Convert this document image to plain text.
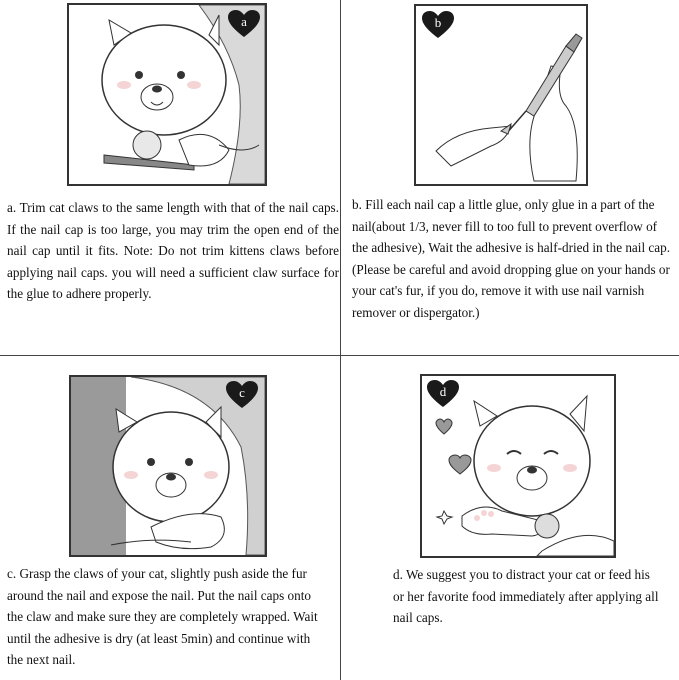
a	b
c	d
a. Trim cat claws to the same length with that of the nail caps. If the nail cap is too large, you may trim the open end of the nail cap until it fits. Note: Do not trim kittens claws before applying nail caps. you will need a sufficient claw surface for the glue to adhere properly.
b. Fill each nail cap a little glue, only glue in a part of the nail(about 1/3, never fill to too full to prevent overflow of the adhesive), Wait the adhesive is half-dried in the nail cap. (Please be careful and avoid dropping glue on your hands or your cat's fur, if you do, remove it with use nail varnish remover or dispergator.)
c. Grasp the claws of your cat, slightly push aside the fur around the nail and expose the nail. Put the nail caps onto the claw and make sure they are completely wrapped. Wait until the adhesive is dry (at least 5min) and continue with the next nail.
d. We suggest you to distract your cat or feed his or her favorite food immediately after applying all nail caps.
